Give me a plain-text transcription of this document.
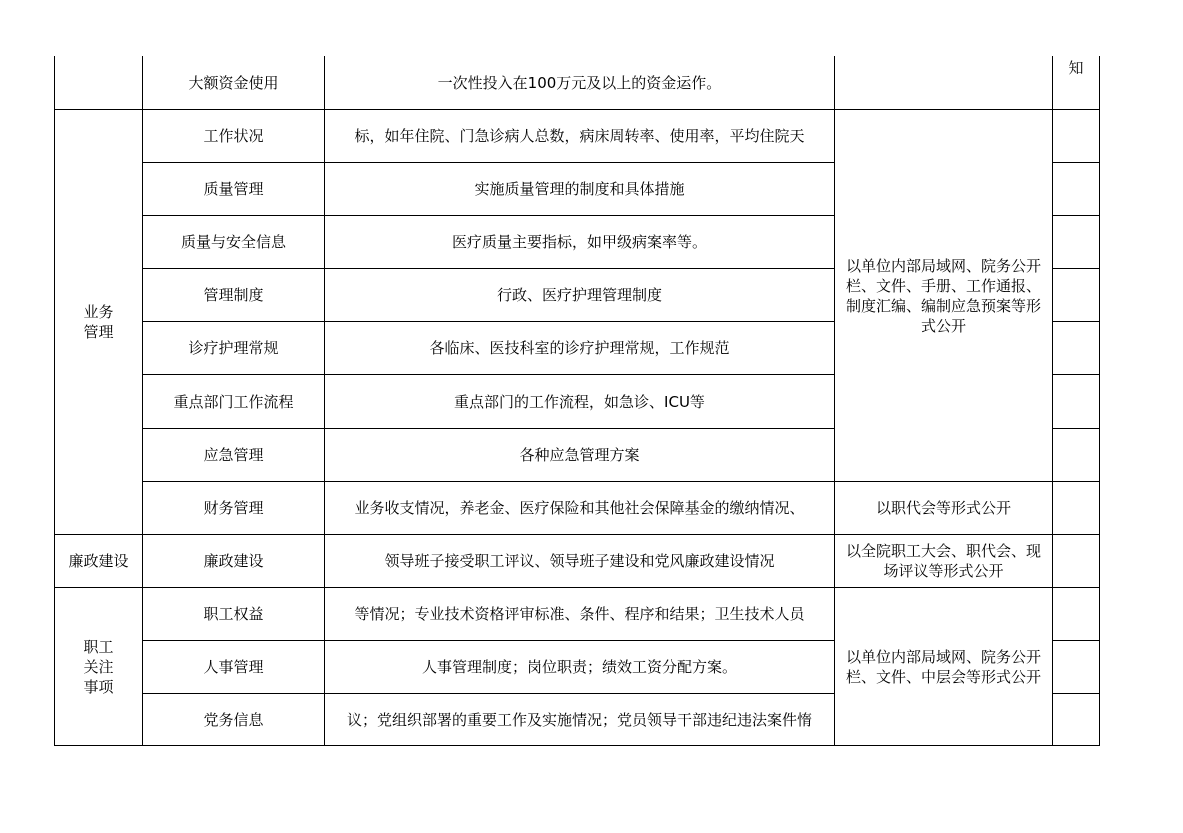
业务
管理
廉政建设
职工
关注
事项
大额资金使用
工作状况
质量管理
质量与安全信息
管理制度
诊疗护理常规
重点部门工作流程
应急管理
财务管理
廉政建设
职工权益
人事管理
党务信息
一次性投入在100万元及以上的资金运作。
标，如年住院、门急诊病人总数，病床周转率、使用率，平均住院天
实施质量管理的制度和具体措施
医疗质量主要指标，如甲级病案率等。
行政、医疗护理管理制度
各临床、医技科室的诊疗护理常规，工作规范
重点部门的工作流程，如急诊、ICU等
各种应急管理方案
业务收支情况，养老金、医疗保险和其他社会保障基金的缴纳情况、
领导班子接受职工评议、领导班子建设和党风廉政建设情况
等情况；专业技术资格评审标准、条件、程序和结果；卫生技术人员
人事管理制度；岗位职责；绩效工资分配方案。
议；党组织部署的重要工作及实施情况；党员领导干部违纪违法案件惰
以单位内部局域网、院务公开栏、文件、手册、工作通报、制度汇编、编制应急预案等形式公开
以职代会等形式公开
以全院职工大会、职代会、现场评议等形式公开
以单位内部局域网、院务公开栏、文件、中层会等形式公开
知
